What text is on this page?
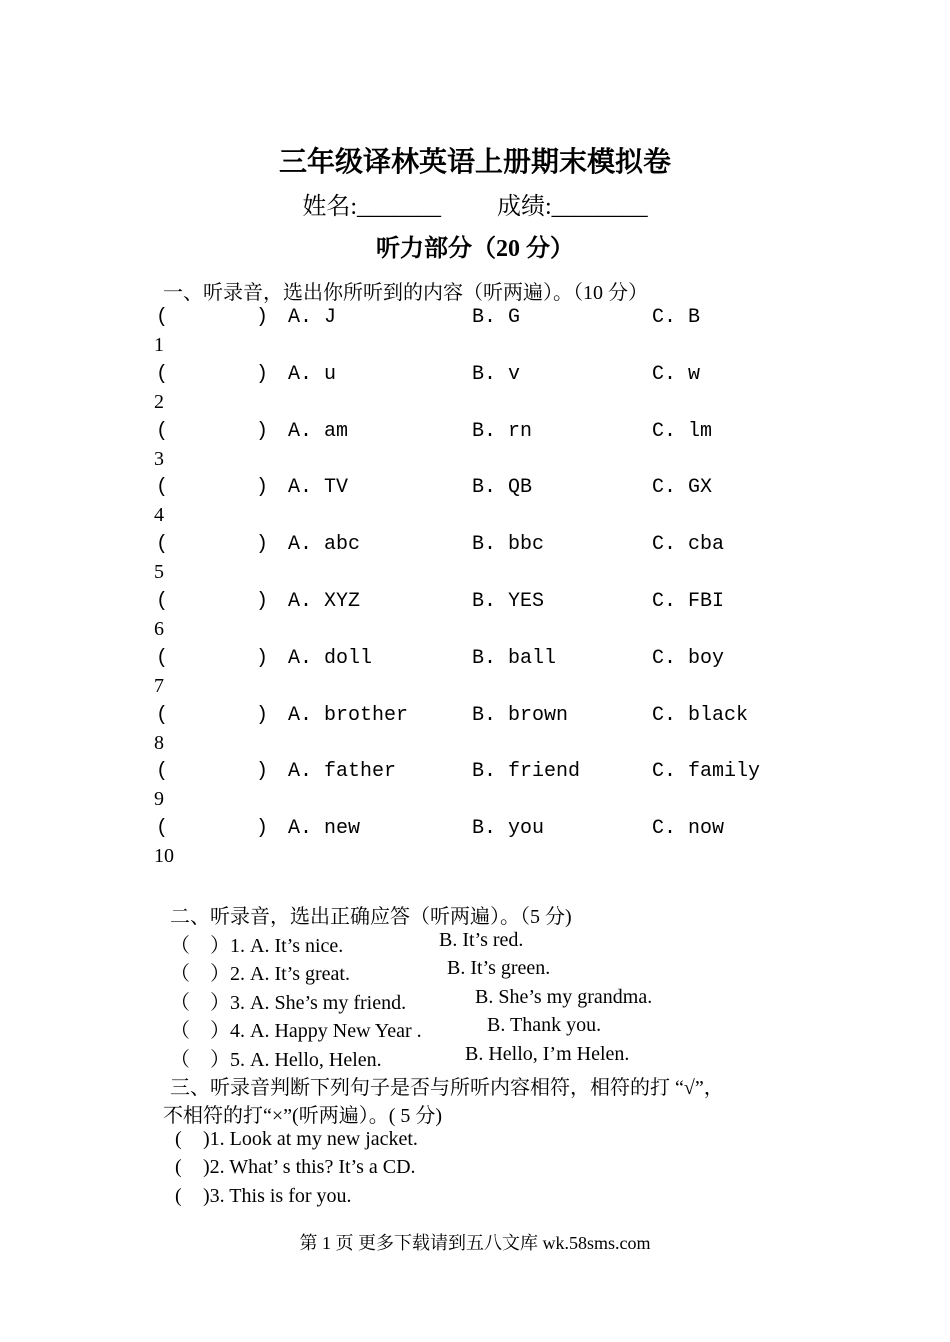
三年级译林英语上册期末模拟卷
姓名:_______ 成绩:________
听力部分（20 分）
一、听录音，选出你所听到的内容（听两遍）。（10 分）
(	) A. J	B. G	C. B
1
(	) A. u	B. v	C. w
2
(	) A. am	B. rn	C. lm
3
(	) A. TV	B. QB	C. GX
4
(	) A. abc	B. bbc	C. cba
5
(	) A. XYZ	B. YES	C. FBI
6
(	) A. doll	B. ball	C. boy
7
(	) A. brother	B. brown	C. black
8
(	) A. father	B. friend	C. family
9
(	) A. new	B. you	C. now
10
二、听录音，选出正确应答（听两遍）。（5 分)
（　）1. A. It’s nice.	B. It’s red.
（　）2. A. It’s great.	B. It’s green.
（　）3. A. She’s my friend.	B. She’s my grandma.
（　）4. A. Happy New Year .	B. Thank you.
（　）5. A. Hello, Helen.	B. Hello, I’m Helen.
三、听录音判断下列句子是否与所听内容相符，相符的打 “√”，
不相符的打“×”(听两遍）。( 5 分)
( )1. Look at my new jacket.
( )2. What’ s this? It’s a CD.
( )3. This is for you.
第 1 页 更多下载请到五八文库 wk.58sms.com
